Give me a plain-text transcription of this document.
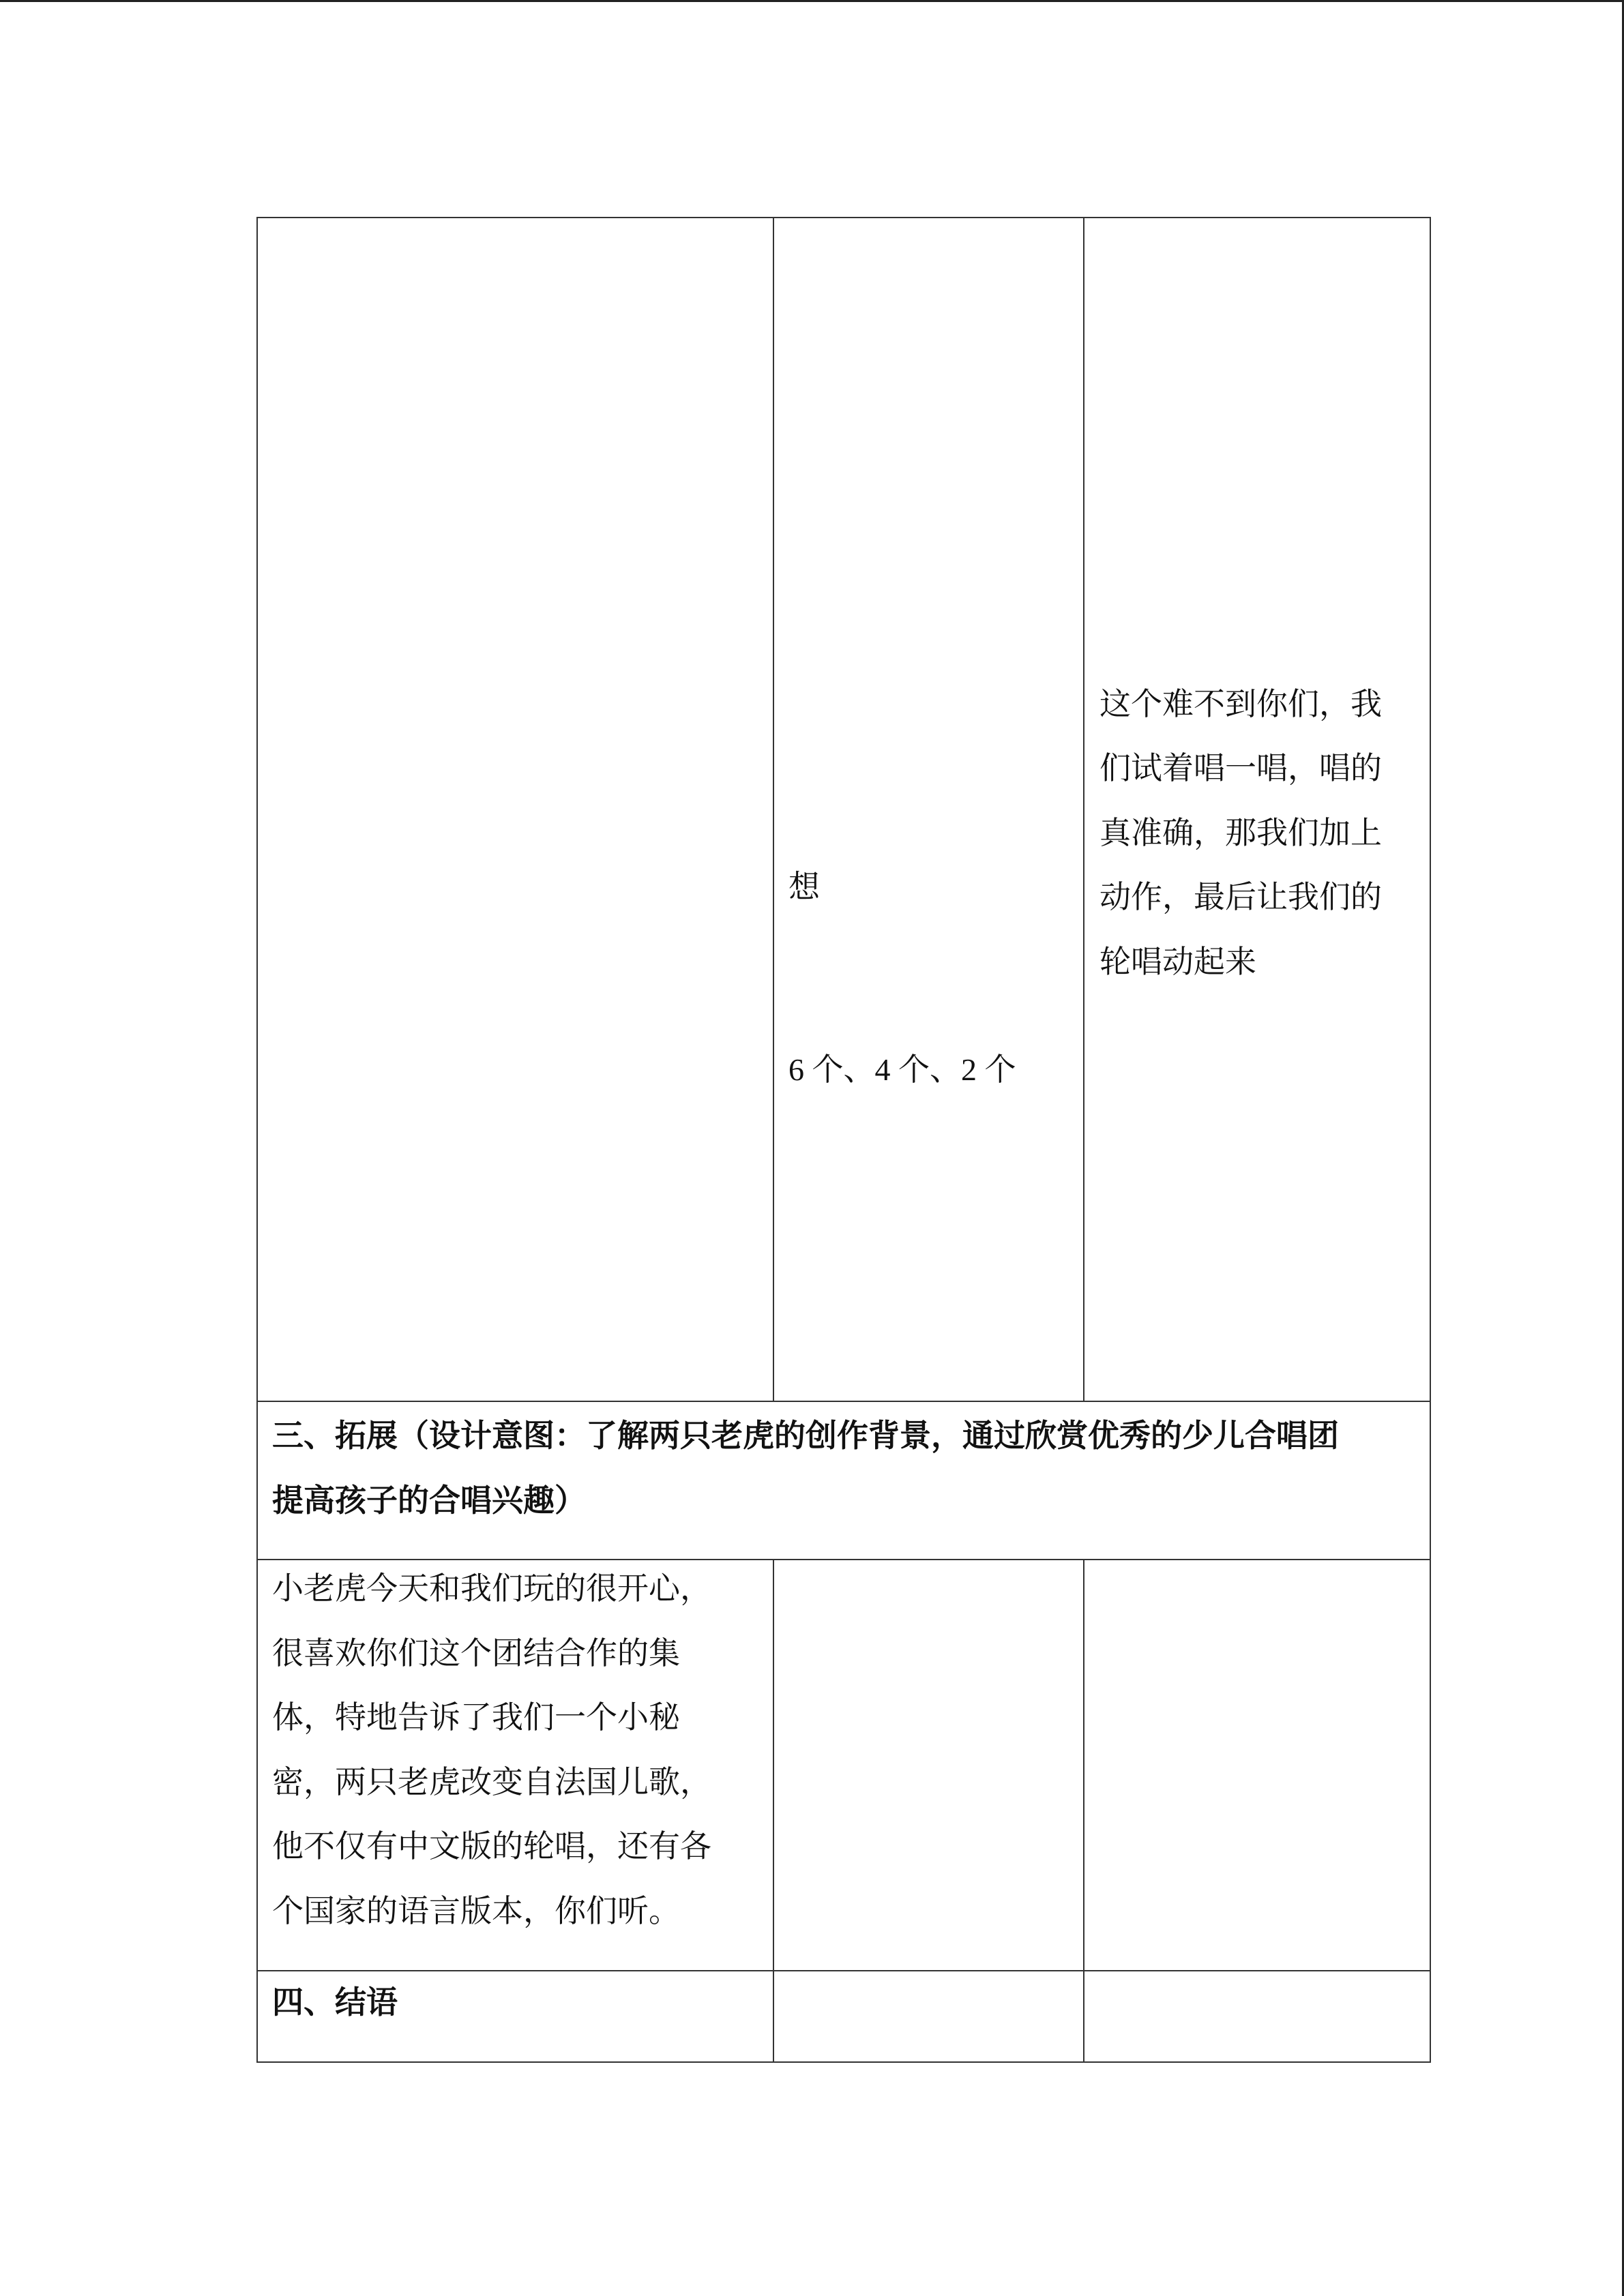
想
6 个、4 个、2 个
这个难不到你们，我
们试着唱一唱，唱的
真准确，那我们加上
动作，最后让我们的
轮唱动起来
三、拓展（设计意图：了解两只老虎的创作背景，通过欣赏优秀的少儿合唱团
提高孩子的合唱兴趣）
小老虎今天和我们玩的很开心，
很喜欢你们这个团结合作的集
体，特地告诉了我们一个小秘
密，两只老虎改变自法国儿歌，
他不仅有中文版的轮唱，还有各
个国家的语言版本，你们听。
四、结语
